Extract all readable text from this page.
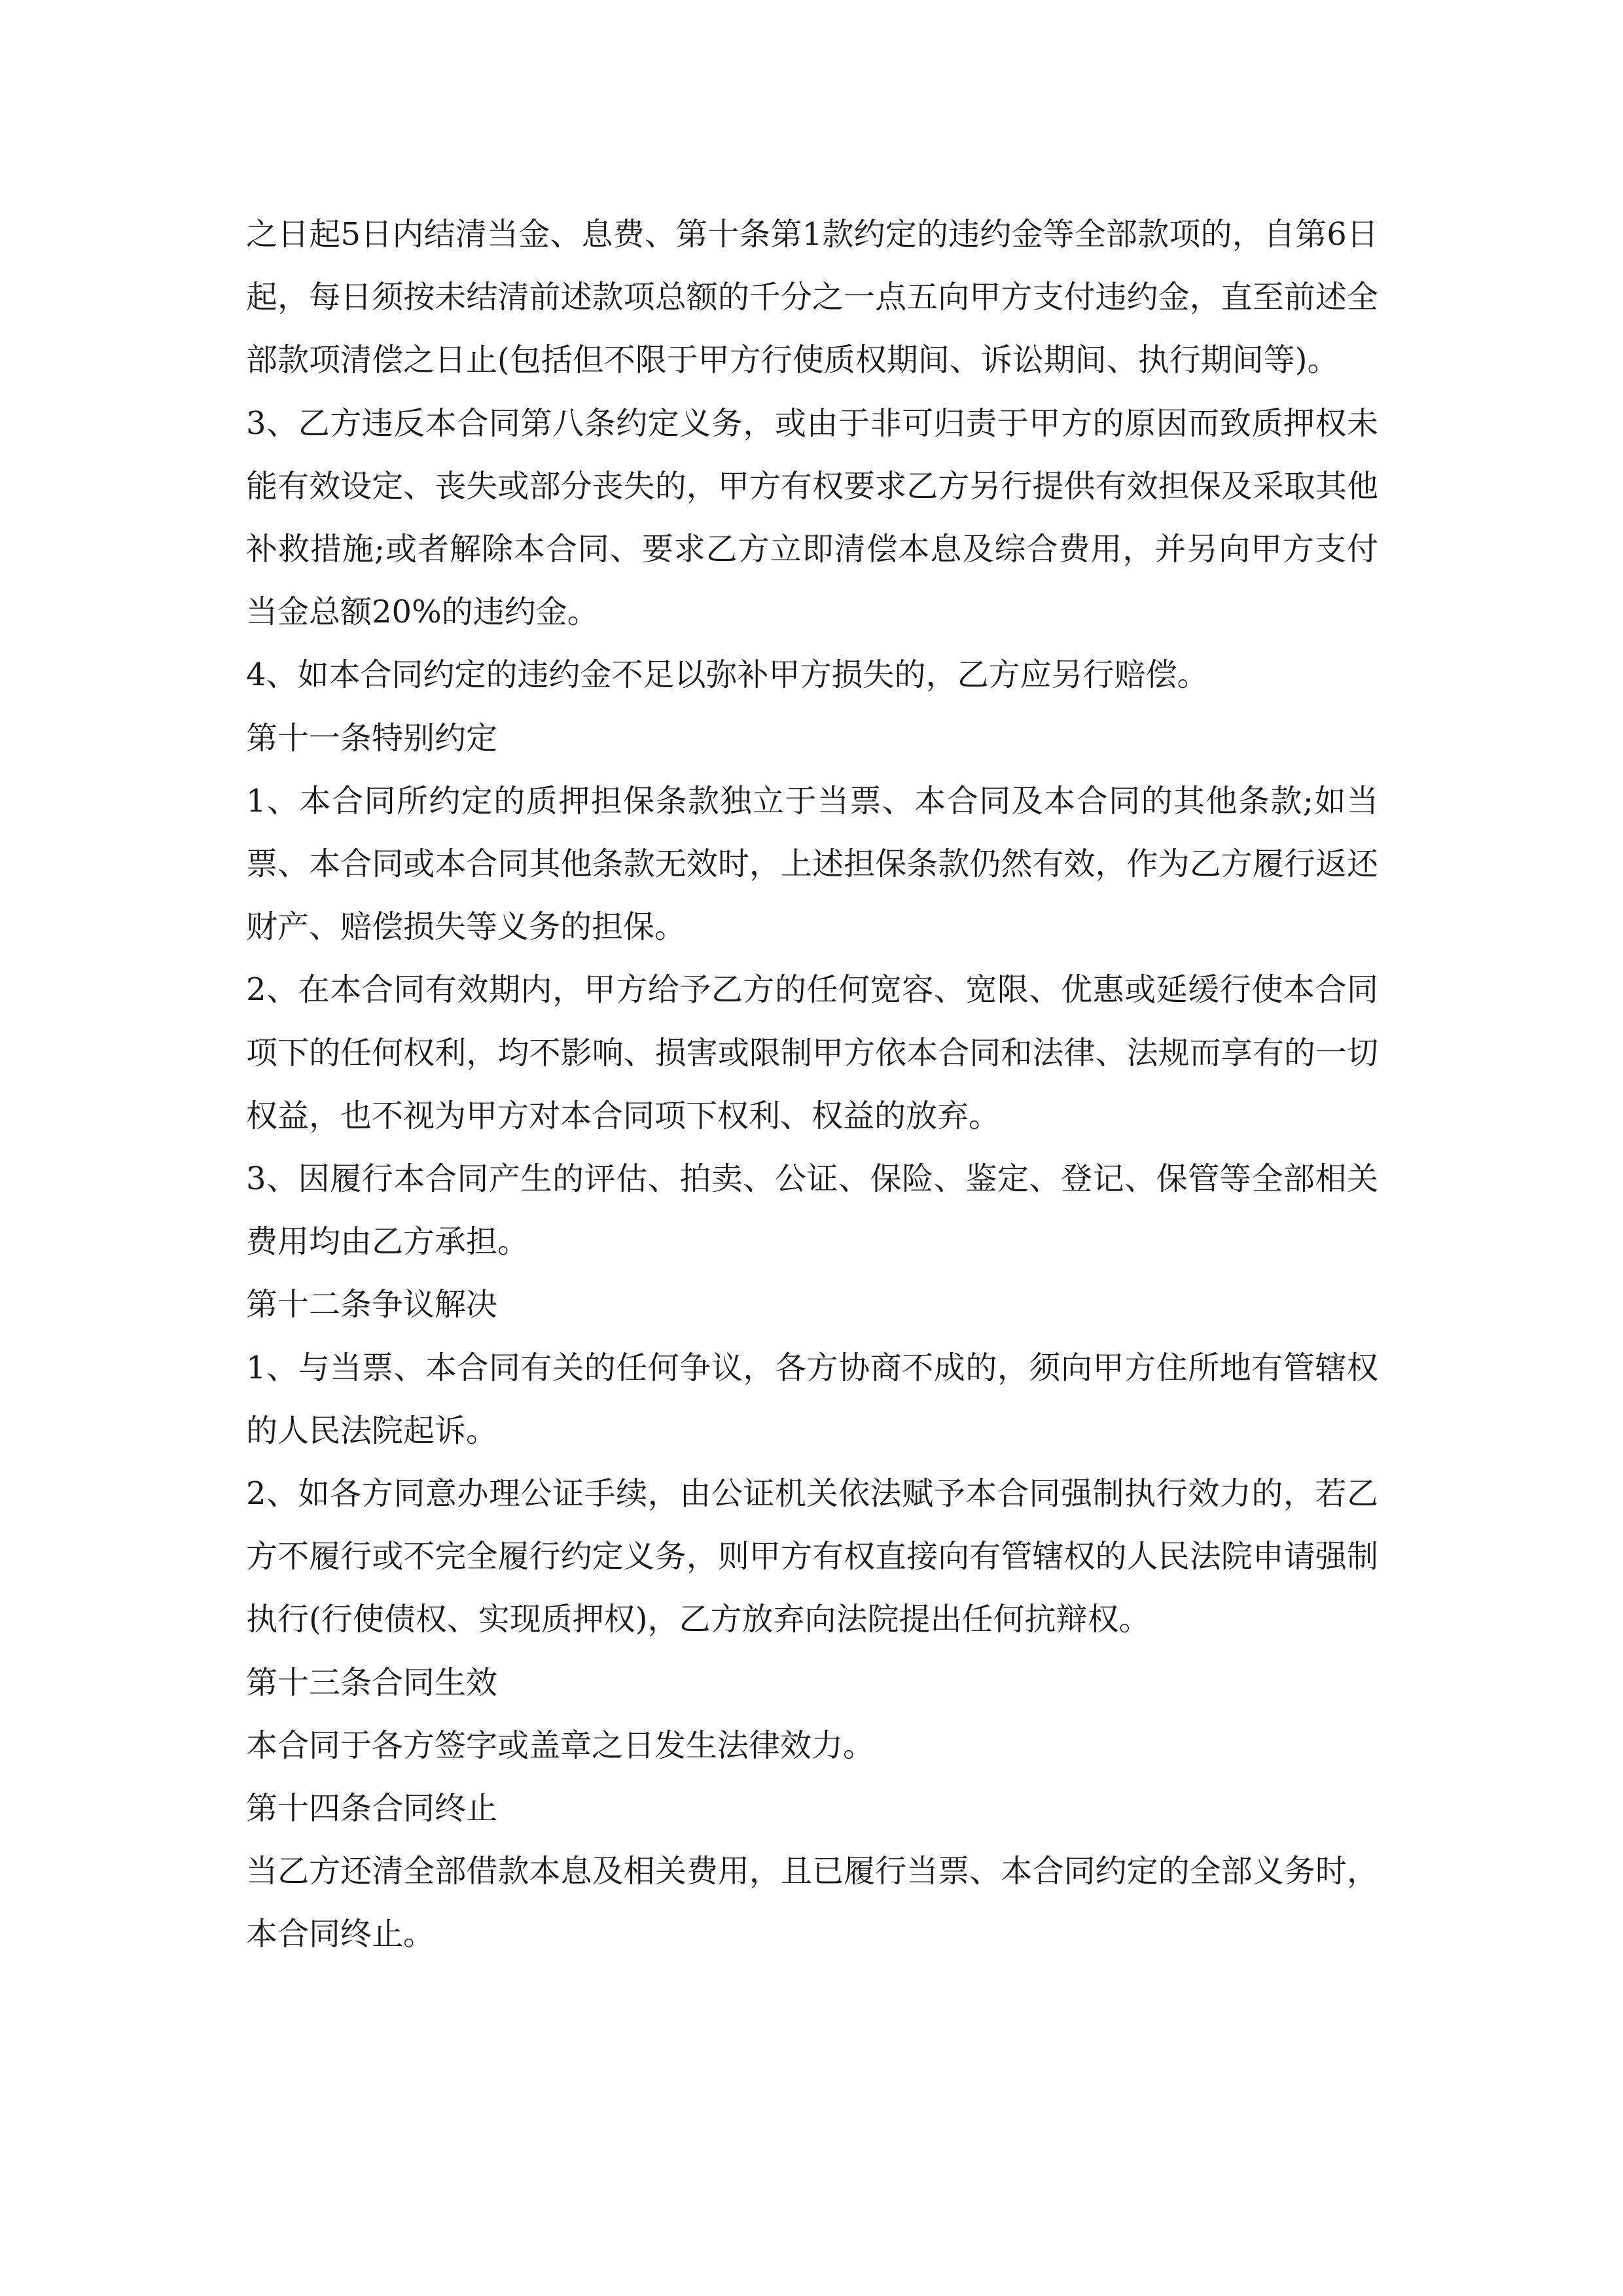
之日起5日内结清当金、息费、第十条第1款约定的违约金等全部款项的，自第6日起，每日须按未结清前述款项总额的千分之一点五向甲方支付违约金，直至前述全部款项清偿之日止(包括但不限于甲方行使质权期间、诉讼期间、执行期间等)。

3、乙方违反本合同第八条约定义务，或由于非可归责于甲方的原因而致质押权未能有效设定、丧失或部分丧失的，甲方有权要求乙方另行提供有效担保及采取其他补救措施;或者解除本合同、要求乙方立即清偿本息及综合费用，并另向甲方支付当金总额20%的违约金。

4、如本合同约定的违约金不足以弥补甲方损失的，乙方应另行赔偿。

第十一条特别约定

1、本合同所约定的质押担保条款独立于当票、本合同及本合同的其他条款;如当票、本合同或本合同其他条款无效时，上述担保条款仍然有效，作为乙方履行返还财产、赔偿损失等义务的担保。

2、在本合同有效期内，甲方给予乙方的任何宽容、宽限、优惠或延缓行使本合同项下的任何权利，均不影响、损害或限制甲方依本合同和法律、法规而享有的一切权益，也不视为甲方对本合同项下权利、权益的放弃。

3、因履行本合同产生的评估、拍卖、公证、保险、鉴定、登记、保管等全部相关费用均由乙方承担。

第十二条争议解决

1、与当票、本合同有关的任何争议，各方协商不成的，须向甲方住所地有管辖权的人民法院起诉。

2、如各方同意办理公证手续，由公证机关依法赋予本合同强制执行效力的，若乙方不履行或不完全履行约定义务，则甲方有权直接向有管辖权的人民法院申请强制执行(行使债权、实现质押权)，乙方放弃向法院提出任何抗辩权。

第十三条合同生效

本合同于各方签字或盖章之日发生法律效力。

第十四条合同终止

当乙方还清全部借款本息及相关费用，且已履行当票、本合同约定的全部义务时，本合同终止。
